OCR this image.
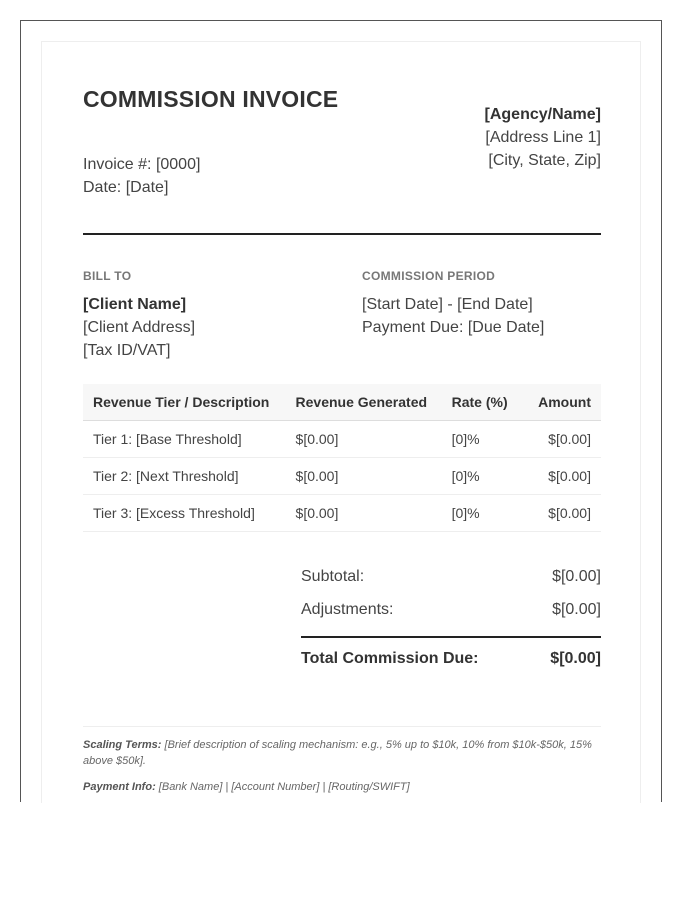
COMMISSION INVOICE
Invoice #: [0000]
Date: [Date]
[Agency/Name]
[Address Line 1]
[City, State, Zip]
BILL TO
[Client Name]
[Client Address]
[Tax ID/VAT]
COMMISSION PERIOD
[Start Date] - [End Date]
Payment Due: [Due Date]
Revenue Tier / Description	Revenue Generated	Rate (%)	Amount
Tier 1: [Base Threshold]	$[0.00]	[0]%	$[0.00]
Tier 2: [Next Threshold]	$[0.00]	[0]%	$[0.00]
Tier 3: [Excess Threshold]	$[0.00]	[0]%	$[0.00]
Subtotal:	$[0.00]
Adjustments:	$[0.00]
Total Commission Due:	$[0.00]

Scaling Terms: [Brief description of scaling mechanism: e.g., 5% up to $10k, 10% from $10k-$50k, 15% above $50k].

Payment Info: [Bank Name] | [Account Number] | [Routing/SWIFT]
